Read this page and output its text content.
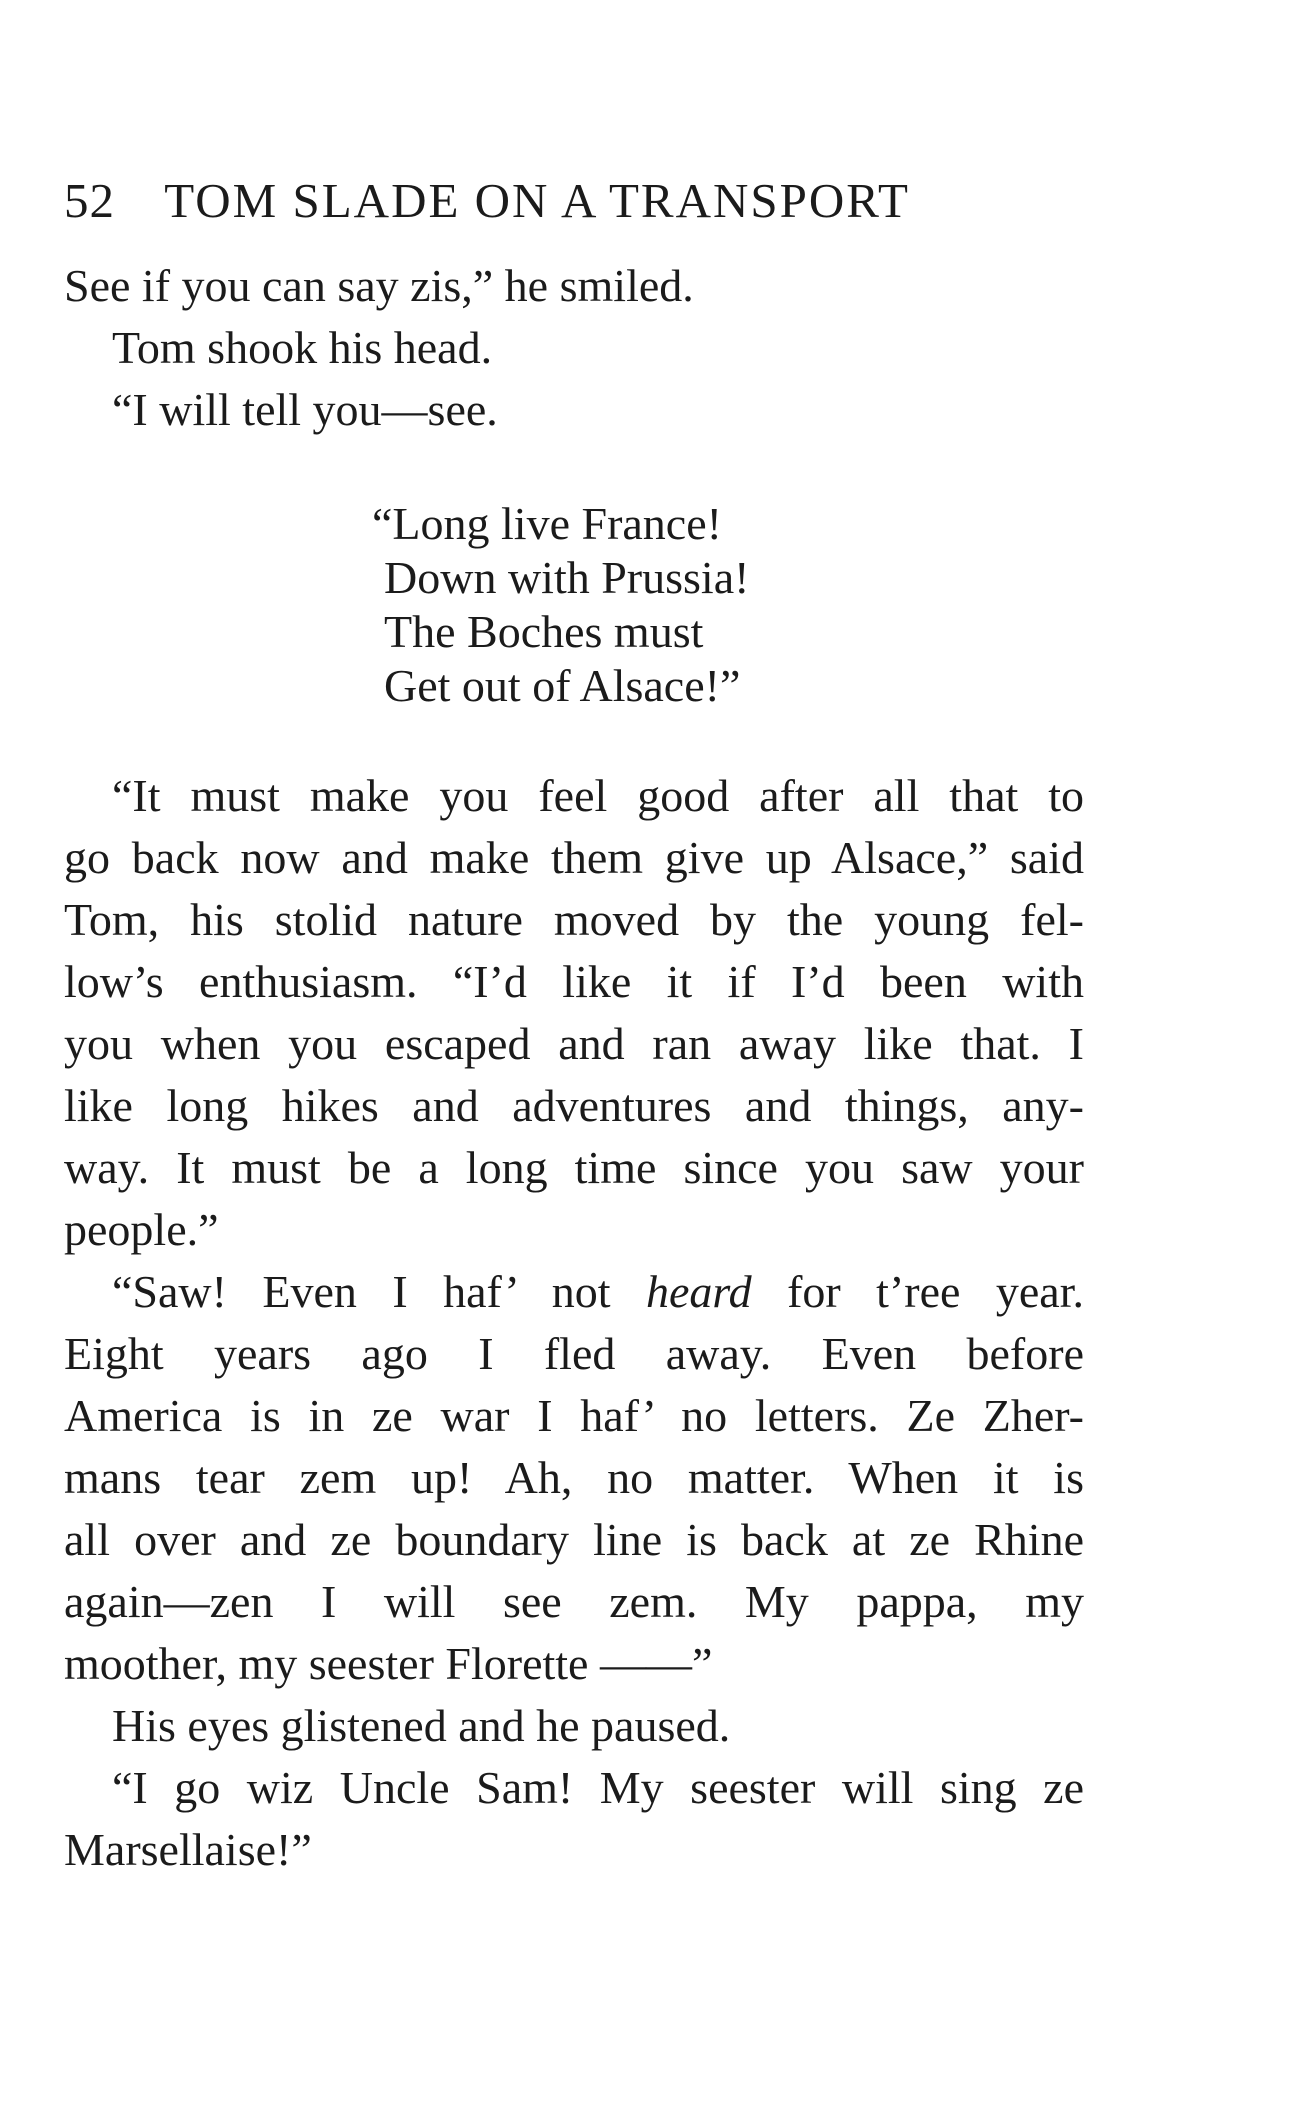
52 TOM SLADE ON A TRANSPORT
See if you can say zis,” he smiled.
Tom shook his head.
“I will tell you—see.
“Long live France!
Down with Prussia!
The Boches must
Get out of Alsace!”
“It must make you feel good after all that to
go back now and make them give up Alsace,” said
Tom, his stolid nature moved by the young fel-
low’s enthusiasm. “I’d like it if I’d been with
you when you escaped and ran away like that. I
like long hikes and adventures and things, any-
way. It must be a long time since you saw your
people.”
“Saw! Even I haf’ not heard for t’ree year.
Eight years ago I fled away. Even before
America is in ze war I haf’ no letters. Ze Zher-
mans tear zem up! Ah, no matter. When it is
all over and ze boundary line is back at ze Rhine
again—zen I will see zem. My pappa, my
moother, my seester Florette ——”
His eyes glistened and he paused.
“I go wiz Uncle Sam! My seester will sing ze
Marsellaise!”
